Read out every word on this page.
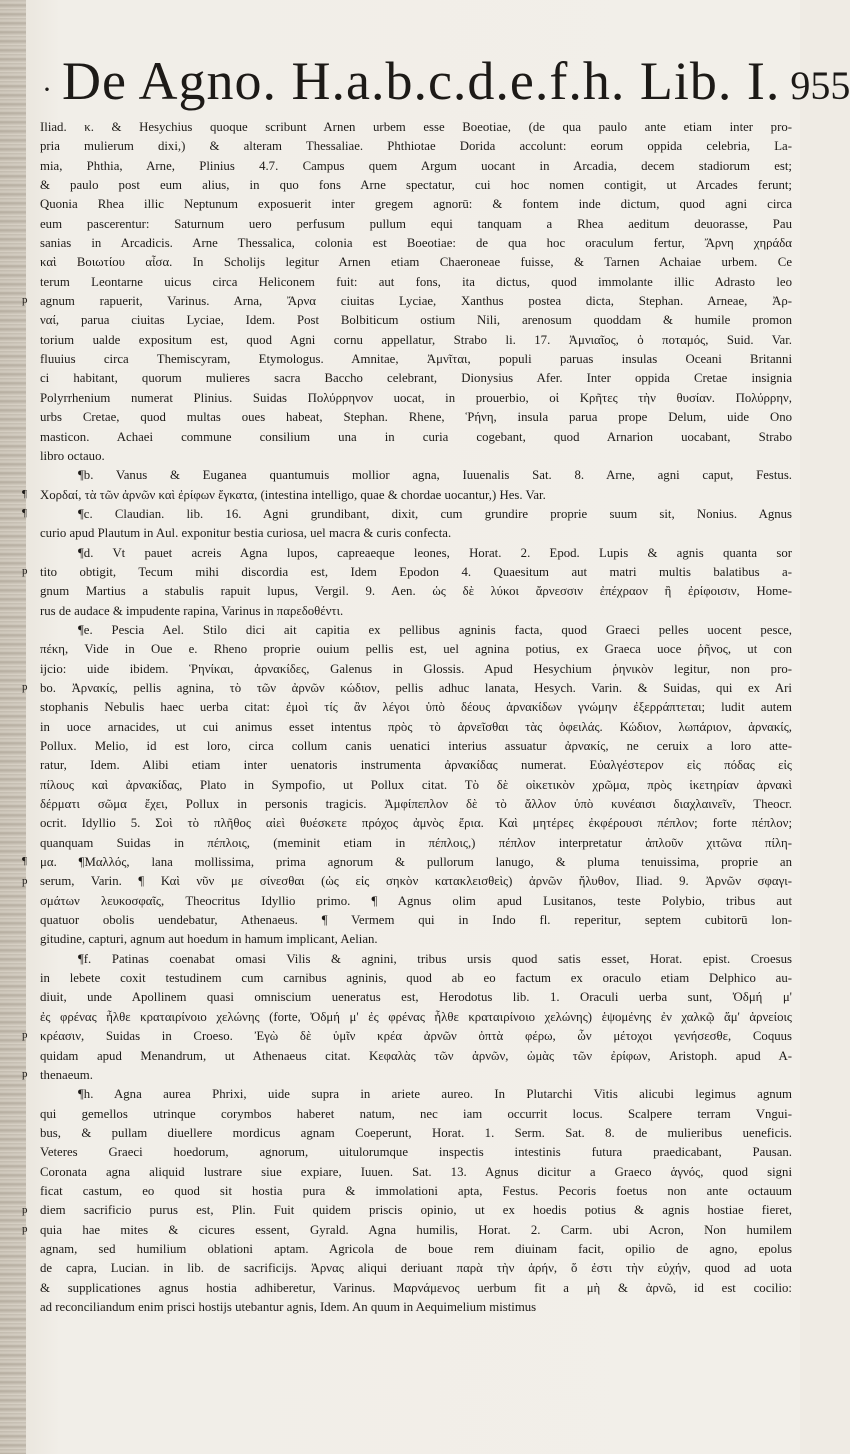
· De Agno. H.a.b.c.d.e.f.h. Lib. I. 955
p
¶
¶
p
p
¶
p
p
p
p
p
Iliad. κ. & Hesychius quoque scribunt Arnen urbem esse Boeotiae, (de qua paulo ante etiam inter pro-
pria mulierum dixi,) & alteram Thessaliae. Phthiotae Dorida accolunt: eorum oppida celebria, La-
mia, Phthia, Arne, Plinius 4.7. Campus quem Argum uocant in Arcadia, decem stadiorum est;
& paulo post eum alius, in quo fons Arne spectatur, cui hoc nomen contigit, ut Arcades ferunt;
Quonia Rhea illic Neptunum exposuerit inter gregem agnorū: & fontem inde dictum, quod agni circa
eum pascerentur: Saturnum uero perfusum pullum equi tanquam a Rhea aeditum deuorasse, Pau
sanias in Arcadicis. Arne Thessalica, colonia est Boeotiae: de qua hoc oraculum fertur, Ἄρνη χηράδα
καὶ Βοιωτίου αἶσα. In Scholijs legitur Arnen etiam Chaeroneae fuisse, & Tarnen Achaiae urbem. Ce
terum Leontarne uicus circa Heliconem fuit: aut fons, ita dictus, quod immolante illic Adrasto leo
agnum rapuerit, Varinus. Arna, Ἄρνα ciuitas Lyciae, Xanthus postea dicta, Stephan. Arneae, Ἀρ-
ναί, parua ciuitas Lyciae, Idem. Post Bolbiticum ostium Nili, arenosum quoddam & humile promon
torium ualde expositum est, quod Agni cornu appellatur, Strabo li. 17. Ἀμνιαῖος, ὁ ποταμός, Suid. Var.
fluuius circa Themiscyram, Etymologus. Amnitae, Ἀμνῖται, populi paruas insulas Oceani Britanni
ci habitant, quorum mulieres sacra Baccho celebrant, Dionysius Afer. Inter oppida Cretae insignia
Polyrrhenium numerat Plinius. Suidas Πολύρρηνον uocat, in prouerbio, οἱ Κρῆτες τὴν θυσίαν. Πολύρρην,
urbs Cretae, quod multas oues habeat, Stephan. Rhene, Ῥήνη, insula parua prope Delum, uide Ono
masticon. Achaei commune consilium una in curia cogebant, quod Arnarion uocabant, Strabo
libro octauo.
¶b. Vanus & Euganea quantumuis mollior agna, Iuuenalis Sat. 8. Arne, agni caput, Festus.
Χορδαί, τὰ τῶν ἀρνῶν καὶ ἐρίφων ἔγκατα, (intestina intelligo, quae & chordae uocantur,) Hes. Var.
¶c. Claudian. lib. 16. Agni grundibant, dixit, cum grundire proprie suum sit, Nonius. Agnus
curio apud Plautum in Aul. exponitur bestia curiosa, uel macra & curis confecta.
¶d. Vt pauet acreis Agna lupos, capreaeque leones, Horat. 2. Epod. Lupis & agnis quanta sor
tito obtigit, Tecum mihi discordia est, Idem Epodon 4. Quaesitum aut matri multis balatibus a-
gnum Martius a stabulis rapuit lupus, Vergil. 9. Aen. ὡς δὲ λύκοι ἄρνεσσιν ἐπέχραον ἢ ἐρίφοισιν, Home-
rus de audace & impudente rapina, Varinus in παρεδοθέντι.
¶e. Pescia Ael. Stilo dici ait capitia ex pellibus agninis facta, quod Graeci pelles uocent pesce,
πέκη, Vide in Oue e. Rheno proprie ouium pellis est, uel agnina potius, ex Graeca uoce ῥῆνος, ut con
ijcio: uide ibidem. Ῥηνίκαι, ἀρνακίδες, Galenus in Glossis. Apud Hesychium ῥηνικὸν legitur, non pro-
bo. Ἀρνακίς, pellis agnina, τὸ τῶν ἀρνῶν κώδιον, pellis adhuc lanata, Hesych. Varin. & Suidas, qui ex Ari
stophanis Nebulis haec uerba citat: ἐμοὶ τίς ἂν λέγοι ὑπὸ δέους ἀρνακίδων γνώμην ἐξερράπτεται; ludit autem
in uoce arnacides, ut cui animus esset intentus πρὸς τὸ ἀρνεῖσθαι τὰς ὀφειλάς. Κώδιον, λωπάριον, ἀρνακίς,
Pollux. Melio, id est loro, circa collum canis uenatici interius assuatur ἀρνακίς, ne ceruix a loro atte-
ratur, Idem. Alibi etiam inter uenatoris instrumenta ἀρνακίδας numerat. Εὐαλγέστερον εἰς πόδας εἰς
πίλους καὶ ἀρνακίδας, Plato in Sympofio, ut Pollux citat. Τὸ δὲ οἰκετικὸν χρῶμα, πρὸς ἱκετηρίαν ἀρνακὶ
δέρματι σῶμα ἔχει, Pollux in personis tragicis. Ἀμφίπεπλον δὲ τὸ ἄλλον ὑπὸ κυνέαισι διαχλαινεῖν, Theocr.
ocrit. Idyllio 5. Σοὶ τὸ πλῆθος αἰεὶ θυέσκετε πρόχος ἀμνὸς ἔρια. Καὶ μητέρες ἐκφέρουσι πέπλον; forte πέπλον;
quanquam Suidas in πέπλοις, (meminit etiam in πέπλοις,) πέπλον interpretatur ἀπλοῦν χιτῶνα πίλη-
μα. ¶Μαλλός, lana mollissima, prima agnorum & pullorum lanugo, & pluma tenuissima, proprie an
serum, Varin. ¶ Καὶ νῦν με σίνεσθαι (ὡς εἰς σηκὸν κατακλεισθεὶς) ἀρνῶν ἤλυθον, Iliad. 9. Ἀρνῶν σφαγι-
σμάτων λευκοσφαῖς, Theocritus Idyllio primo. ¶ Agnus olim apud Lusitanos, teste Polybio, tribus aut
quatuor obolis uendebatur, Athenaeus. ¶ Vermem qui in Indo fl. reperitur, septem cubitorū lon-
gitudine, capturi, agnum aut hoedum in hamum implicant, Aelian.
¶f. Patinas coenabat omasi Vilis & agnini, tribus ursis quod satis esset, Horat. epist. Croesus
in lebete coxit testudinem cum carnibus agninis, quod ab eo factum ex oraculo etiam Delphico au-
diuit, unde Apollinem quasi omniscium ueneratus est, Herodotus lib. 1. Oraculi uerba sunt, Ὀδμή μ'
ἐς φρένας ἦλθε κραταιρίνοιο χελώνης (forte, Ὀδμή μ' ἐς φρένας ἦλθε κραταιρίνοιο χελώνης) ἑψομένης ἐν χαλκῷ ἅμ' ἀρνείοις
κρέασιν, Suidas in Croeso. Ἐγὼ δὲ ὑμῖν κρέα ἀρνῶν ὀπτὰ φέρω, ὧν μέτοχοι γενήσεσθε, Coquus
quidam apud Menandrum, ut Athenaeus citat. Κεφαλὰς τῶν ἀρνῶν, ὠμὰς τῶν ἐρίφων, Aristoph. apud A-
thenaeum.
¶h. Agna aurea Phrixi, uide supra in ariete aureo. In Plutarchi Vitis alicubi legimus agnum
qui gemellos utrinque corymbos haberet natum, nec iam occurrit locus. Scalpere terram Vngui-
bus, & pullam diuellere mordicus agnam Coeperunt, Horat. 1. Serm. Sat. 8. de mulieribus ueneficis.
Veteres Graeci hoedorum, agnorum, uitulorumque inspectis intestinis futura praedicabant, Pausan.
Coronata agna aliquid lustrare siue expiare, Iuuen. Sat. 13. Agnus dicitur a Graeco ἁγνός, quod signi
ficat castum, eo quod sit hostia pura & immolationi apta, Festus. Pecoris foetus non ante octauum
diem sacrificio purus est, Plin. Fuit quidem priscis opinio, ut ex hoedis potius & agnis hostiae fieret,
quia hae mites & cicures essent, Gyrald. Agna humilis, Horat. 2. Carm. ubi Acron, Non humilem
agnam, sed humilium oblationi aptam. Agricola de boue rem diuinam facit, opilio de agno, epolus
de capra, Lucian. in lib. de sacrificijs. Ἀρνας aliqui deriuant παρὰ τὴν ἀρήν, ὅ ἐστι τὴν εὐχήν, quod ad uota
& supplicationes agnus hostia adhiberetur, Varinus. Μαρνάμενος uerbum fit a μὴ & ἀρνῶ, id est cocilio:
ad reconciliandum enim prisci hostijs utebantur agnis, Idem. An quum in Aequimelium mistimus
